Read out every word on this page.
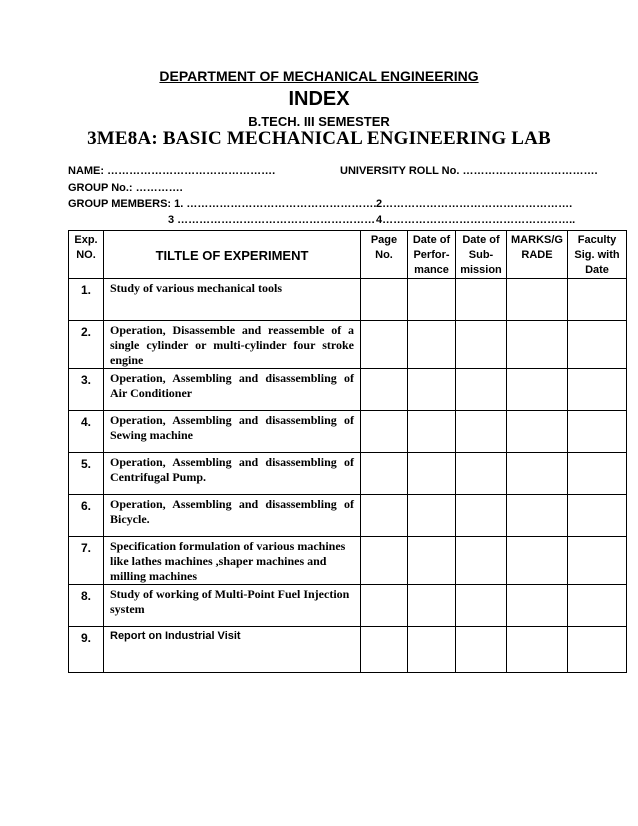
DEPARTMENT OF MECHANICAL ENGINEERING
INDEX
B.TECH. III SEMESTER
3ME8A: BASIC MECHANICAL ENGINEERING LAB
NAME: ……………………………………….	UNIVERSITY ROLL No. ……………………………….
GROUP No.: ………….
GROUP MEMBERS: 1. ……………………………………………. 2…………………………………………….
3 ……………………………………………… 4……………………………………………..
Exp. NO.	TILTLE OF EXPERIMENT	Page No.	Date of Perfor- mance	Date of Sub- mission	MARKS/G RADE	Faculty Sig. with Date
1.	Study of various mechanical tools					
2.	Operation, Disassemble and reassemble of a single cylinder or multi-cylinder four stroke engine					
3.	Operation, Assembling and disassembling of Air Conditioner					
4.	Operation, Assembling and disassembling of Sewing machine					
5.	Operation, Assembling and disassembling of Centrifugal Pump.					
6.	Operation, Assembling and disassembling of Bicycle.					
7.	Specification formulation of various machines like lathes machines ,shaper machines and milling machines					
8.	Study of working of Multi-Point Fuel Injection system					
9.	Report on Industrial Visit					
